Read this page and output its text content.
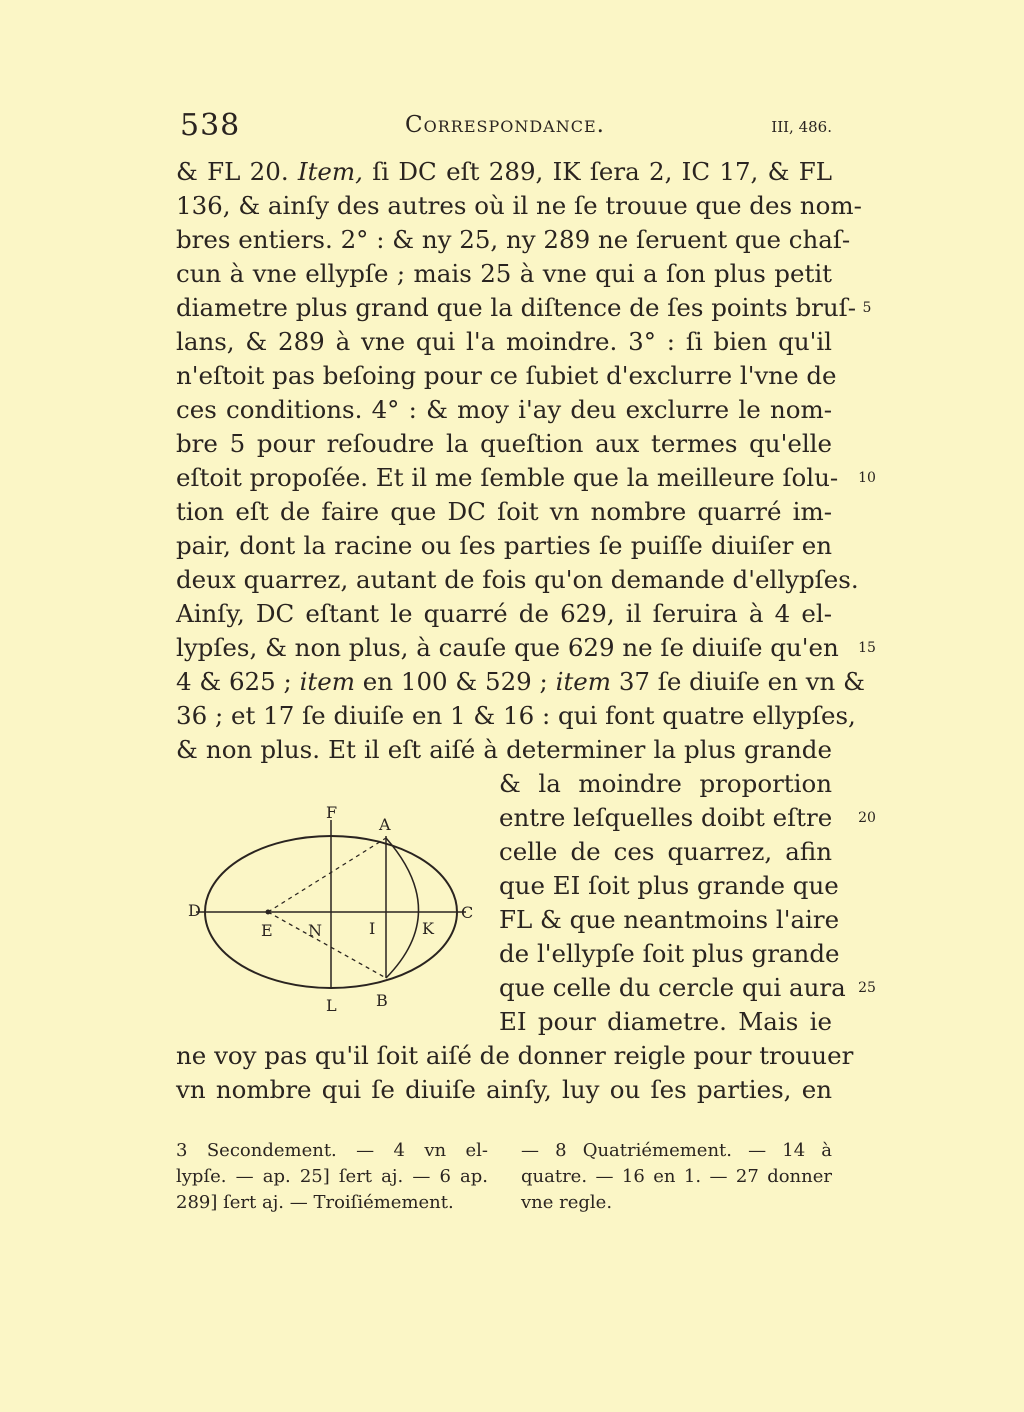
538	Correspondance.	III, 486.
& FL 20. Item, ſi DC eſt 289, IK ſera 2, IC 17, & FL
136, & ainſy des autres où il ne ſe trouue que des nom-
bres entiers. 2° : & ny 25, ny 289 ne ſeruent que chaſ-
cun à vne ellypſe ; mais 25 à vne qui a ſon plus petit
diametre plus grand que la diſtence de ſes points bruſ-
lans, & 289 à vne qui l'a moindre. 3° : ſi bien qu'il
n'eſtoit pas beſoing pour ce ſubiet d'exclurre l'vne de
ces conditions. 4° : & moy i'ay deu exclurre le nom-
bre 5 pour reſoudre la queſtion aux termes qu'elle
eſtoit propoſée. Et il me ſemble que la meilleure ſolu-
tion eſt de faire que DC ſoit vn nombre quarré im-
pair, dont la racine ou ſes parties ſe puiſſe diuiſer en
deux quarrez, autant de fois qu'on demande d'ellypſes.
Ainſy, DC eſtant le quarré de 629, il ſeruira à 4 el-
lypſes, & non plus, à cauſe que 629 ne ſe diuiſe qu'en
4 & 625 ; item en 100 & 529 ; item 37 ſe diuiſe en vn &
36 ; et 17 ſe diuiſe en 1 & 16 : qui font quatre ellypſes,
& non plus. Et il eſt aiſé à determiner la plus grande
& la moindre proportion
entre leſquelles doibt eſtre
celle de ces quarrez, afin
que EI ſoit plus grande que
FL & que neantmoins l'aire
de l'ellypſe ſoit plus grande
que celle du cercle qui aura
EI pour diametre. Mais ie
ne voy pas qu'il ſoit aiſé de donner reigle pour trouuer
vn nombre qui ſe diuiſe ainſy, luy ou ſes parties, en
5
10
15
20
25
F
A
D	C
E N	I	K
L B
3 Secondement. — 4 vn el-
lypſe. — ap. 25] ſert aj. — 6 ap.
289] ſert aj. — Troiſiémement.
— 8 Quatriémement. — 14 à
quatre. — 16 en 1. — 27 donner
vne regle.
